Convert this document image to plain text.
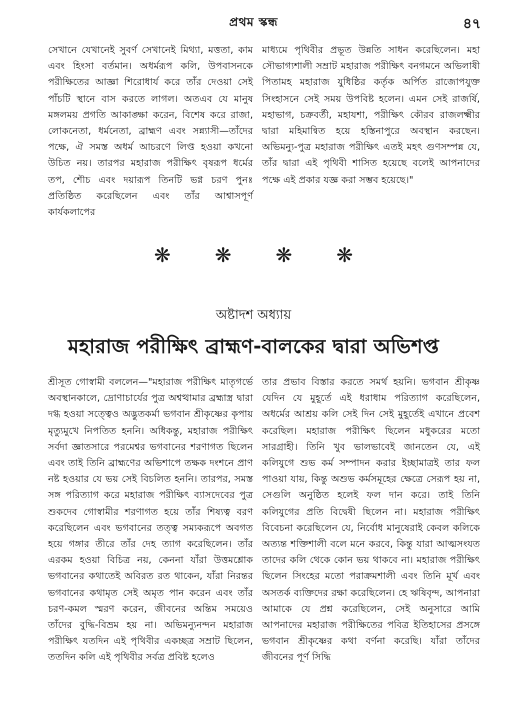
প্রথম স্কন্ধ	৪৭

সেখানে যেখানেই সুবর্ণ সেখানেই মিথ্যা, মত্ততা, কাম এবং হিংসা বর্তমান। অধর্মরূপ কলি, উপবাসনকে পরীক্ষিতের আজ্ঞা শিরোধার্য করে তাঁর দেওয়া সেই পাঁচটি স্থানে বাস করতে লাগল। অতএব যে মানুষ মঙ্গলময় প্রগতি আকাঙ্ক্ষা করেন, বিশেষ করে রাজা, লোকনেতা, ধর্মনেতা, ব্রাহ্মণ এবং সন্ন্যাসী—তাঁদের পক্ষে, ঐ সমস্ত অধর্ম আচরণে লিপ্ত হওয়া কখনো উচিত নয়। তারপর মহারাজ পরীক্ষিৎ বৃষরূপ ধর্মের তপ, শৌচ এবং দয়ারূপ তিনটি ভগ্ন চরণ পুনঃ প্রতিষ্ঠিত করেছিলেন এবং তাঁর আশ্বাসপূর্ণ কার্যকলাপের

মাধ্যমে পৃথিবীর প্রভূত উন্নতি সাধন করেছিলেন। মহা সৌভাগ্যশালী সম্রাট মহারাজ পরীক্ষিৎ বনগমনে অভিলাষী পিতামহ মহারাজ যুধিষ্ঠির কর্তৃক অর্পিত রাজোপযুক্ত সিংহাসনে সেই সময় উপবিষ্ট হলেন। এমন সেই রাজর্ষি, মহাভাগ, চক্রবর্তী, মহাযশা, পরীক্ষিৎ কৌরব রাজলক্ষ্মীর দ্বারা মহিমান্বিত হয়ে হস্তিনাপুরে অবস্থান করছেন। অভিমন্যু-পুত্র মহারাজ পরীক্ষিৎ এতই মহৎ গুণসম্পন্ন যে, তাঁর দ্বারা এই পৃথিবী শাসিত হয়েছে বলেই আপনাদের পক্ষে এই প্রকার যজ্ঞ করা সম্ভব হয়েছে।"

❋ ❋ ❋ ❋
অষ্টাদশ অধ্যায়
মহারাজ পরীক্ষিৎ ব্রাহ্মণ-বালকের দ্বারা অভিশপ্ত

শ্রীসূত গোস্বামী বললেন—"মহারাজ পরীক্ষিৎ মাতৃগর্ভে অবস্থানকালে, দ্রোণাচার্যের পুত্র অশ্বত্থামার ব্রহ্মাস্ত্র দ্বারা দগ্ধ হওয়া সত্ত্বেও অদ্ভুতকর্মা ভগবান শ্রীকৃষ্ণের কৃপায় মৃত্যুমুখে নিপতিত হননি। অধিকন্তু, মহারাজ পরীক্ষিৎ সর্বদা জ্ঞাতসারে পরমেশ্বর ভগবানের শরণাগত ছিলেন এবং তাই তিনি ব্রাহ্মণের অভিশাপে তক্ষক দংশনে প্রাণ নষ্ট হওয়ার যে ভয় সেই বিচলিত হননি। তারপর, সমস্ত সঙ্গ পরিত্যাগ করে মহারাজ পরীক্ষিৎ ব্যাসদেবের পুত্র শুকদেব গোস্বামীর শরণাগত হয়ে তাঁর শিষ্যত্ব বরণ করেছিলেন এবং ভগবানের তত্ত্ব সম্যকরূপে অবগত হয়ে গঙ্গার তীরে তাঁর দেহ ত্যাগ করেছিলেন। তাঁর এরকম হওয়া বিচিত্র নয়, কেননা যাঁরা উত্তমশ্লোক ভগবানের কথাতেই অবিরত রত থাকেন, যাঁরা নিরন্তর ভগবানের কথামৃত সেই অমৃত পান করেন এবং তাঁর চরণ-কমল স্মরণ করেন, জীবনের অন্তিম সময়েও তাঁদের বুদ্ধি-বিভ্রম হয় না। অভিমন্যুনন্দন মহারাজ পরীক্ষিৎ যতদিন এই পৃথিবীর একচ্ছত্র সম্রাট ছিলেন, ততদিন কলি এই পৃথিবীর সর্বত্র প্রবিষ্ট হলেও

তার প্রভাব বিস্তার করতে সমর্থ হয়নি। ভগবান শ্রীকৃষ্ণ যেদিন যে মুহূর্তে এই ধরাধাম পরিত্যাগ করেছিলেন, অধর্মের আশ্রয় কলি সেই দিন সেই মুহূর্তেই এখানে প্রবেশ করেছিল। মহারাজ পরীক্ষিৎ ছিলেন মধুকরের মতো সারগ্রাহী। তিনি খুব ভালভাবেই জানতেন যে, এই কলিযুগে শুভ কর্ম সম্পাদন করার ইচ্ছামাত্রই তার ফল পাওয়া যায়, কিন্তু অশুভ কর্মসমূহের ক্ষেত্রে সেরূপ হয় না, সেগুলি অনুষ্ঠিত হলেই ফল দান করে। তাই তিনি কলিযুগের প্রতি বিদ্বেষী ছিলেন না। মহারাজ পরীক্ষিৎ বিবেচনা করেছিলেন যে, নির্বোধ মানুষেরাই কেবল কলিকে অত্যন্ত শক্তিশালী বলে মনে করবে, কিন্তু যারা আত্মসংযত তাদের কলি থেকে কোন ভয় থাকবে না। মহারাজ পরীক্ষিৎ ছিলেন সিংহের মতো পরাক্রমশালী এবং তিনি মূর্খ এবং অসতর্ক ব্যক্তিদের রক্ষা করেছিলেন। হে ঋষিবৃন্দ, আপনারা আমাকে যে প্রশ্ন করেছিলেন, সেই অনুসারে আমি আপনাদের মহারাজ পরীক্ষিতের পবিত্র ইতিহাসের প্রসঙ্গে ভগবান শ্রীকৃষ্ণের কথা বর্ণনা করেছি। যাঁরা তাঁদের জীবনের পূর্ণ সিদ্ধি
